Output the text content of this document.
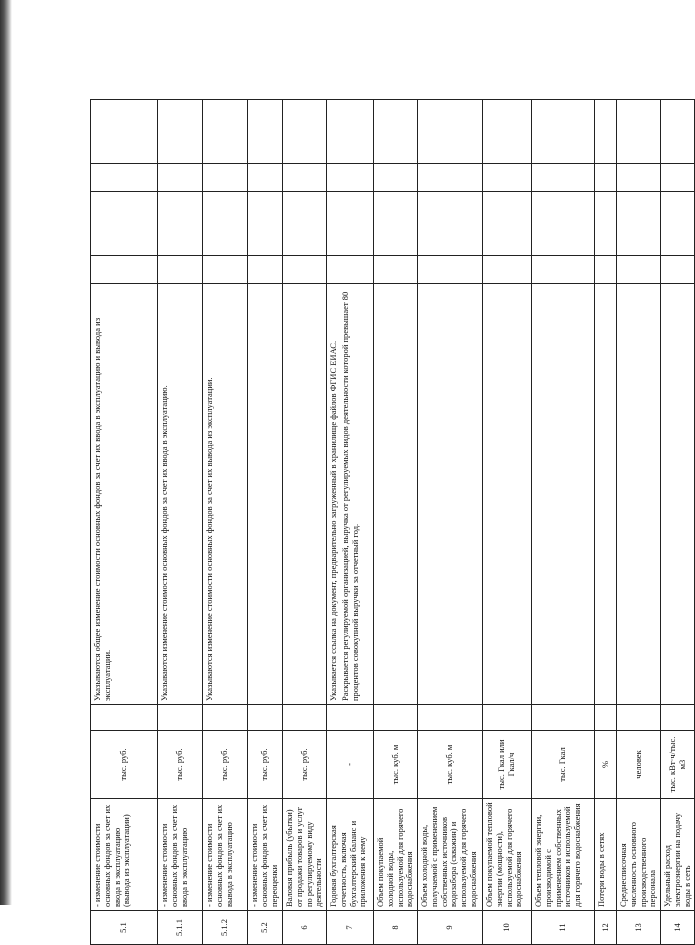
5.1	- изменение стоимости основных фондов за счет их ввода в эксплуатацию (вывода из эксплуатации)	тыс. руб.		Указываются общее изменение стоимости основных фондов за счет их ввода в эксплуатацию и вывода из эксплуатации.				
5.1.1	- изменение стоимости основных фондов за счет их ввода в эксплуатацию	тыс. руб.		Указываются изменение стоимости основных фондов за счет их ввода в эксплуатацию.				
5.1.2	- изменение стоимости основных фондов за счет их вывода в эксплуатацию	тыс. руб.		Указываются изменение стоимости основных фондов за счет их вывода из эксплуатации.				
5.2	- изменение стоимости основных фондов за счет их переоценки	тыс. руб.						
6	Валовая прибыль (убытки) от продажи товаров и услуг по регулируемому виду деятельности	тыс. руб.						
7	Годовая бухгалтерская отчетность, включая бухгалтерский баланс и приложения к нему	-		Указывается ссылка на документ, предварительно загруженный в хранилище файлов ФГИС ЕИАС. Раскрывается регулируемой организацией, выручка от регулируемых видов деятельности которой превышает 80 процентов совокупной выручки за отчетный год.				

8	Объем покупаемой холодной воды, используемой для горячего водоснабжения	тыс. куб. м						
9	Объем холодной воды, получаемой с применением собственных источников водозабора (скважин) и используемой для горячего водоснабжения	тыс. куб. м						
10	Объем покупаемой тепловой энергии (мощности), используемой для горячего водоснабжения	тыс. Гкал или Гкал/ч						
11	Объем тепловой энергии, производимой с применением собственных источников и используемой для горячего водоснабжения	тыс. Гкал						
12	Потери воды в сетях	%						
13	Среднесписочная численность основного производственного персонала	человек						
14	Удельный расход электроэнергии на подачу воды в сеть	тыс. кВт·ч/тыс. м3						
